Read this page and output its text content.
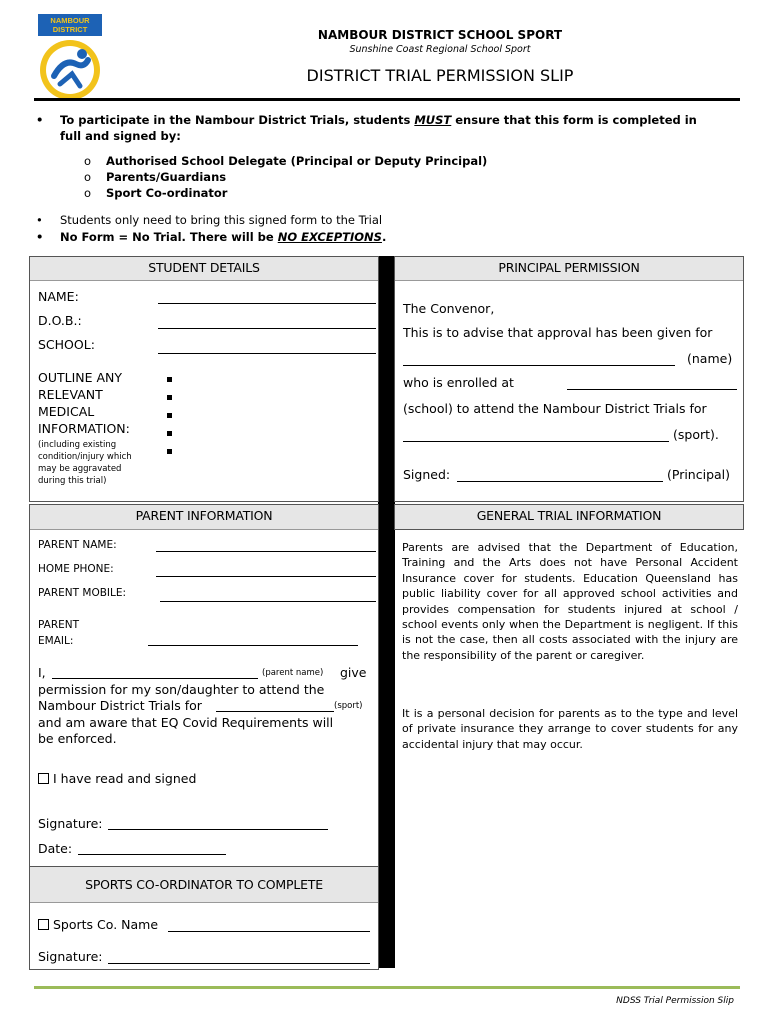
NAMBOUR
DISTRICT	NAMBOUR DISTRICT SCHOOL SPORT
Sunshine Coast Regional School Sport
DISTRICT TRIAL PERMISSION SLIP
• To participate in the Nambour District Trials, students MUST ensure that this form is completed in
full and signed by:
o Authorised School Delegate (Principal or Deputy Principal)
o Parents/Guardians
o Sport Co-ordinator
• Students only need to bring this signed form to the Trial
• No Form = No Trial. There will be NO EXCEPTIONS.
STUDENT DETAILS
NAME:
D.O.B.:
SCHOOL:
OUTLINE ANY
RELEVANT
MEDICAL
INFORMATION:
(including existing
condition/injury which
may be aggravated
during this trial)
PRINCIPAL PERMISSION
The Convenor,
This is to advise that approval has been given for
(name)
who is enrolled at
(school) to attend the Nambour District Trials for
(sport).
Signed:	(Principal)
PARENT INFORMATION
PARENT NAME:
HOME PHONE:
PARENT MOBILE:
PARENT
EMAIL:
I,	(parent name) give
permission for my son/daughter to attend the
Nambour District Trials for	(sport)
and am aware that EQ Covid Requirements will
be enforced.
I have read and signed
Signature:
Date:
GENERAL TRIAL INFORMATION
Parents are advised that the Department of Education, Training and the Arts does not have Personal Accident Insurance cover for students. Education Queensland has public liability cover for all approved school activities and provides compensation for students injured at school / school events only when the Department is negligent. If this is not the case, then all costs associated with the injury are the responsibility of the parent or caregiver.
It is a personal decision for parents as to the type and level of private insurance they arrange to cover students for any accidental injury that may occur.
SPORTS CO-ORDINATOR TO COMPLETE
Sports Co. Name
Signature:
NDSS Trial Permission Slip
